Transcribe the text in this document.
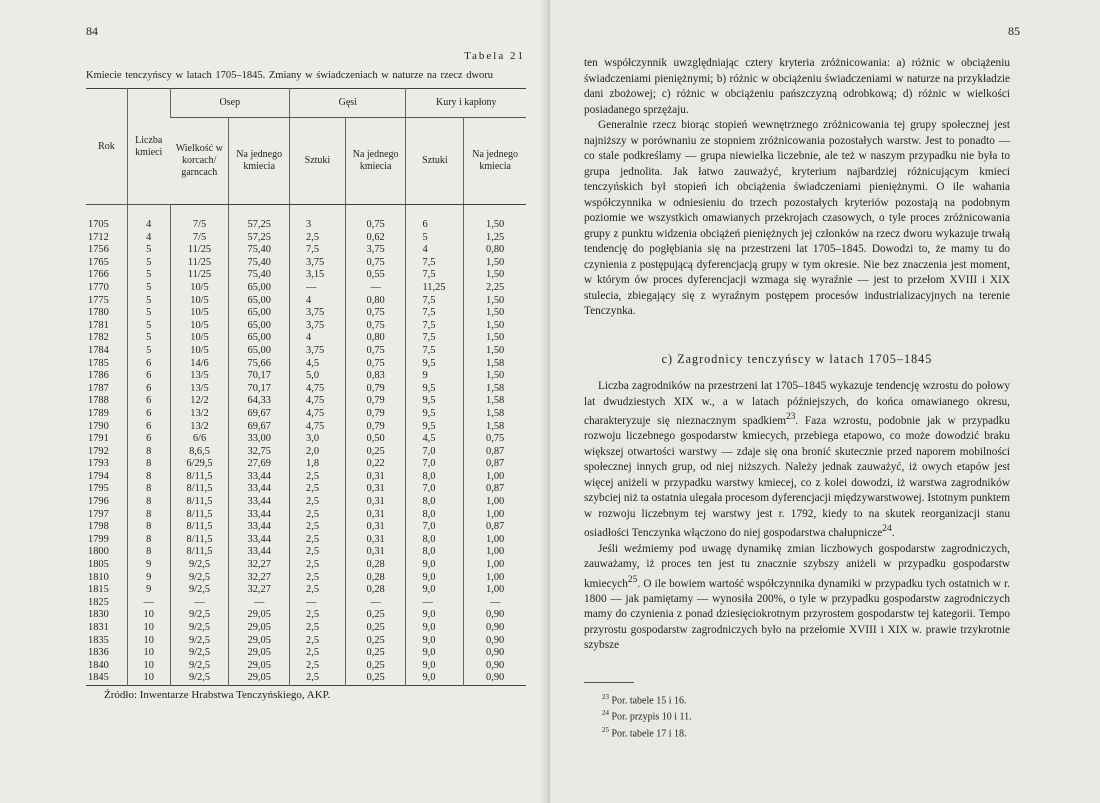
84
Tabela 21
Kmiecie tenczyńscy w latach 1705–1845. Zmiany w świadczeniach w naturze na rzecz dworu
Rok	Liczba kmieci	Osep		Gęsi		Kury i kapłony	
		Wielkość w korcach/ garncach	Na jednego kmiecia	Sztuki	Na jednego kmiecia	Sztuki	Na jednego kmiecia
1705	4	7/5	57,25	3	0,75	6	1,50
1712	4	7/5	57,25	2,5	0,62	5	1,25
1756	5	11/25	75,40	7,5	3,75	4	0,80
1765	5	11/25	75,40	3,75	0,75	7,5	1,50
1766	5	11/25	75,40	3,15	0,55	7,5	1,50
1770	5	10/5	65,00	—	—	11,25	2,25
1775	5	10/5	65,00	4	0,80	7,5	1,50
1780	5	10/5	65,00	3,75	0,75	7,5	1,50
1781	5	10/5	65,00	3,75	0,75	7,5	1,50
1782	5	10/5	65,00	4	0,80	7,5	1,50
1784	5	10/5	65,00	3,75	0,75	7,5	1,50
1785	6	14/6	75,66	4,5	0,75	9,5	1,58
1786	6	13/5	70,17	5,0	0,83	9	1,50
1787	6	13/5	70,17	4,75	0,79	9,5	1,58
1788	6	12/2	64,33	4,75	0,79	9,5	1,58
1789	6	13/2	69,67	4,75	0,79	9,5	1,58
1790	6	13/2	69,67	4,75	0,79	9,5	1,58
1791	6	6/6	33,00	3,0	0,50	4,5	0,75
1792	8	8,6,5	32,75	2,0	0,25	7,0	0,87
1793	8	6/29,5	27,69	1,8	0,22	7,0	0,87
1794	8	8/11,5	33,44	2,5	0,31	8,0	1,00
1795	8	8/11,5	33,44	2,5	0,31	7,0	0,87
1796	8	8/11,5	33,44	2,5	0,31	8,0	1,00
1797	8	8/11,5	33,44	2,5	0,31	8,0	1,00
1798	8	8/11,5	33,44	2,5	0,31	7,0	0,87
1799	8	8/11,5	33,44	2,5	0,31	8,0	1,00
1800	8	8/11,5	33,44	2,5	0,31	8,0	1,00
1805	9	9/2,5	32,27	2,5	0,28	9,0	1,00
1810	9	9/2,5	32,27	2,5	0,28	9,0	1,00
1815	9	9/2,5	32,27	2,5	0,28	9,0	1,00
1825	—	—	—	—	—	—	—
1830	10	9/2,5	29,05	2,5	0,25	9,0	0,90
1831	10	9/2,5	29,05	2,5	0,25	9,0	0,90
1835	10	9/2,5	29,05	2,5	0,25	9,0	0,90
1836	10	9/2,5	29,05	2,5	0,25	9,0	0,90
1840	10	9/2,5	29,05	2,5	0,25	9,0	0,90
1845	10	9/2,5	29,05	2,5	0,25	9,0	0,90
Źródło: Inwentarze Hrabstwa Tenczyńskiego, AKP.
85

ten współczynnik uwzględniając cztery kryteria zróżnicowania: a) różnic w obciążeniu świadczeniami pieniężnymi; b) różnic w obciążeniu świadczeniami w naturze na przykładzie dani zbożowej; c) różnic w obciążeniu pańszczyzną odrobkową; d) różnic w wielkości posiadanego sprzężaju.

Generalnie rzecz biorąc stopień wewnętrznego zróżnicowania tej grupy społecznej jest najniższy w porównaniu ze stopniem zróżnicowania pozostałych warstw. Jest to ponadto — co stale podkreślamy — grupa niewielka liczebnie, ale też w naszym przypadku nie była to grupa jednolita. Jak łatwo zauważyć, kryterium najbardziej różnicującym kmieci tenczyńskich był stopień ich obciążenia świadczeniami pieniężnymi. O ile wahania współczynnika w odniesieniu do trzech pozostałych kryteriów pozostają na podobnym poziomie we wszystkich omawianych przekrojach czasowych, o tyle proces zróżnicowania grupy z punktu widzenia obciążeń pieniężnych jej członków na rzecz dworu wykazuje trwałą tendencję do pogłębiania się na przestrzeni lat 1705–1845. Dowodzi to, że mamy tu do czynienia z postępującą dyferencjacją grupy w tym okresie. Nie bez znaczenia jest moment, w którym ów proces dyferencjacji wzmaga się wyraźnie — jest to przełom XVIII i XIX stulecia, zbiegający się z wyraźnym postępem procesów industrializacyjnych na terenie Tenczynka.

c) Zagrodnicy tenczyńscy w latach 1705–1845

Liczba zagrodników na przestrzeni lat 1705–1845 wykazuje tendencję wzrostu do połowy lat dwudziestych XIX w., a w latach późniejszych, do końca omawianego okresu, charakteryzuje się nieznacznym spadkiem$^{23}$. Faza wzrostu, podobnie jak w przypadku rozwoju liczebnego gospodarstw kmiecych, przebiega etapowo, co może dowodzić braku większej otwartości warstwy — zdaje się ona bronić skutecznie przed naporem mobilności społecznej innych grup, od niej niższych. Należy jednak zauważyć, iż owych etapów jest więcej aniżeli w przypadku warstwy kmiecej, co z kolei dowodzi, iż warstwa zagrodników szybciej niż ta ostatnia ulegała procesom dyferencjacji międzywarstwowej. Istotnym punktem w rozwoju liczebnym tej warstwy jest r. 1792, kiedy to na skutek reorganizacji stanu osiadłości Tenczynka włączono do niej gospodarstwa chałupnicze$^{24}$.

Jeśli weźmiemy pod uwagę dynamikę zmian liczbowych gospodarstw zagrodniczych, zauważamy, iż proces ten jest tu znacznie szybszy aniżeli w przypadku gospodarstw kmiecych$^{25}$. O ile bowiem wartość współczynnika dynamiki w przypadku tych ostatnich w r. 1800 — jak pamiętamy — wynosiła 200%, o tyle w przypadku gospodarstw zagrodniczych mamy do czynienia z ponad dziesięciokrotnym przyrostem gospodarstw tej kategorii. Tempo przyrostu gospodarstw zagrodniczych było na przełomie XVIII i XIX w. prawie trzykrotnie szybsze

$^{23}$ Por. tabele 15 i 16.
$^{24}$ Por. przypis 10 i 11.
$^{25}$ Por. tabele 17 i 18.
